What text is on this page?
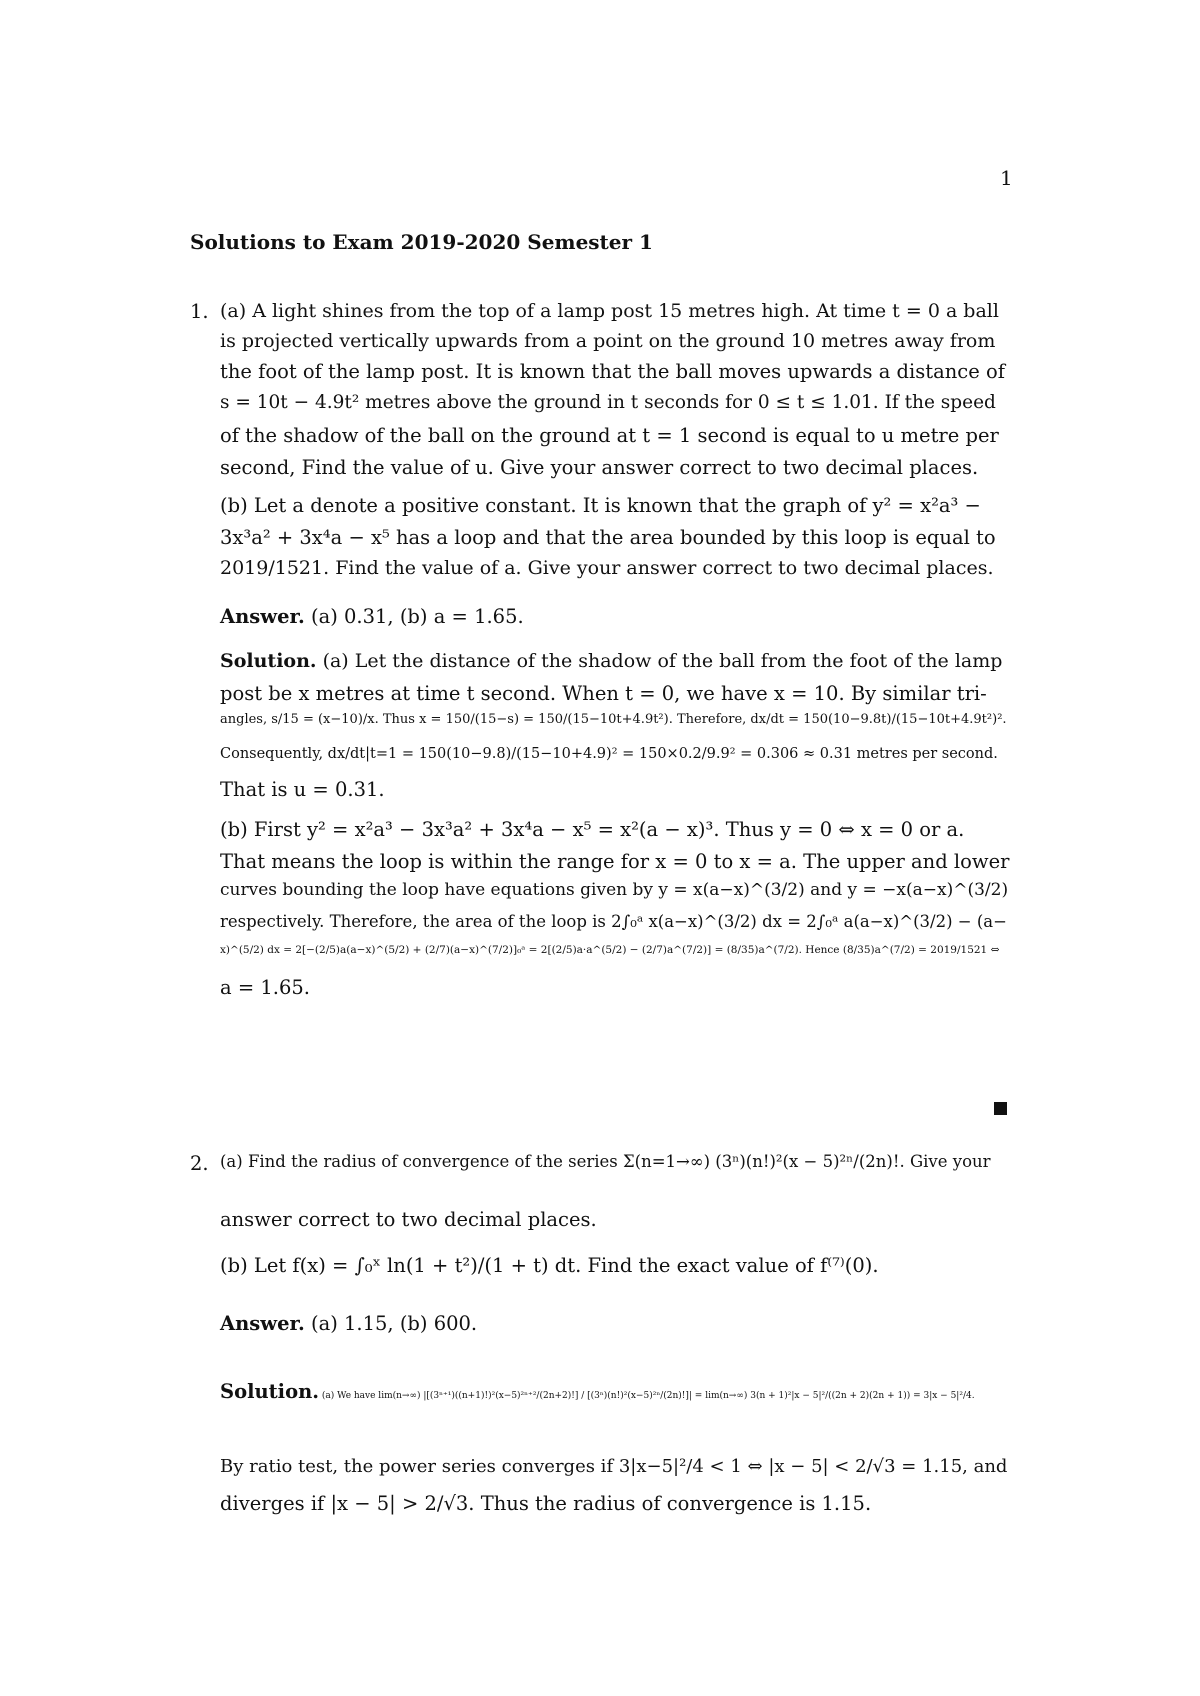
1
Solutions to Exam 2019-2020 Semester 1
1. (a) A light shines from the top of a lamp post 15 metres high. At time t = 0 a ball
is projected vertically upwards from a point on the ground 10 metres away from
the foot of the lamp post. It is known that the ball moves upwards a distance of
s = 10t − 4.9t² metres above the ground in t seconds for 0 ≤ t ≤ 1.01. If the speed
of the shadow of the ball on the ground at t = 1 second is equal to u metre per
second, Find the value of u. Give your answer correct to two decimal places.
(b) Let a denote a positive constant. It is known that the graph of y² = x²a³ −
3x³a² + 3x⁴a − x⁵ has a loop and that the area bounded by this loop is equal to
2019/1521. Find the value of a. Give your answer correct to two decimal places.
Answer. (a) 0.31, (b) a = 1.65.
Solution. (a) Let the distance of the shadow of the ball from the foot of the lamp
post be x metres at time t second. When t = 0, we have x = 10. By similar tri-
angles, s/15 = (x−10)/x. Thus x = 150/(15−s) = 150/(15−10t+4.9t²). Therefore, dx/dt = 150(10−9.8t)/(15−10t+4.9t²)².
Consequently, dx/dt|t=1 = 150(10−9.8)/(15−10+4.9)² = 150×0.2/9.9² = 0.306 ≈ 0.31 metres per second.
That is u = 0.31.
(b) First y² = x²a³ − 3x³a² + 3x⁴a − x⁵ = x²(a − x)³. Thus y = 0 ⇔ x = 0 or a.
That means the loop is within the range for x = 0 to x = a. The upper and lower
curves bounding the loop have equations given by y = x(a−x)^(3/2) and y = −x(a−x)^(3/2)
respectively. Therefore, the area of the loop is 2∫₀ᵃ x(a−x)^(3/2) dx = 2∫₀ᵃ a(a−x)^(3/2) − (a−
x)^(5/2) dx = 2[−(2/5)a(a−x)^(5/2) + (2/7)(a−x)^(7/2)]₀ᵃ = 2[(2/5)a·a^(5/2) − (2/7)a^(7/2)] = (8/35)a^(7/2). Hence (8/35)a^(7/2) = 2019/1521 ⇔
a = 1.65.
2. (a) Find the radius of convergence of the series Σ(n=1→∞) (3ⁿ)(n!)²(x − 5)²ⁿ/(2n)!. Give your
answer correct to two decimal places.
(b) Let f(x) = ∫₀ˣ ln(1 + t²)/(1 + t) dt. Find the exact value of f⁽⁷⁾(0).
Answer. (a) 1.15, (b) 600.
Solution. (a) We have lim(n→∞) |[(3ⁿ⁺¹)((n+1)!)²(x−5)²ⁿ⁺²/(2n+2)!] / [(3ⁿ)(n!)²(x−5)²ⁿ/(2n)!]| = lim(n→∞) 3(n + 1)²|x − 5|²/((2n + 2)(2n + 1)) = 3|x − 5|²/4.
By ratio test, the power series converges if 3|x−5|²/4 < 1 ⇔ |x − 5| < 2/√3 = 1.15, and
diverges if |x − 5| > 2/√3. Thus the radius of convergence is 1.15.
